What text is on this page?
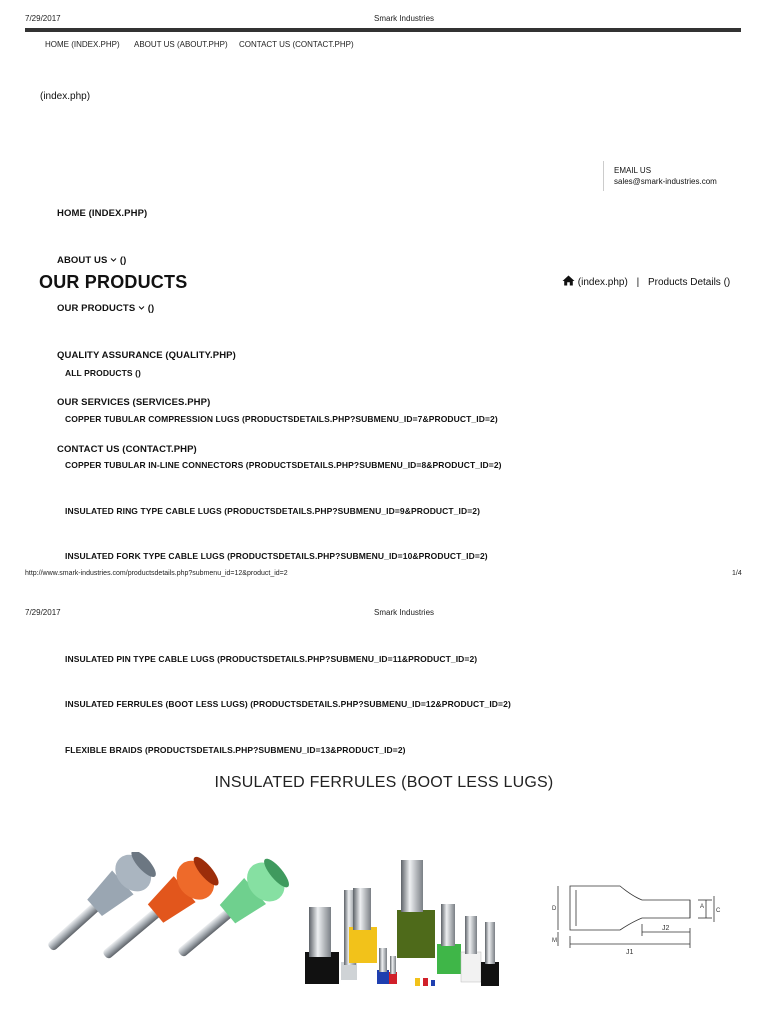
7/29/2017	Smark Industries
HOME (INDEX.PHP) ABOUT US (ABOUT.PHP) CONTACT US (CONTACT.PHP)
(index.php)
EMAIL US
sales@smark-industries.com
HOME (INDEX.PHP)
ABOUT US ()
OUR PRODUCTS	(index.php) | Products Details ()
OUR PRODUCTS ()
QUALITY ASSURANCE (QUALITY.PHP)
ALL PRODUCTS ()
OUR SERVICES (SERVICES.PHP)
COPPER TUBULAR COMPRESSION LUGS (PRODUCTSDETAILS.PHP?SUBMENU_ID=7&PRODUCT_ID=2)
CONTACT US (CONTACT.PHP)
COPPER TUBULAR IN-LINE CONNECTORS (PRODUCTSDETAILS.PHP?SUBMENU_ID=8&PRODUCT_ID=2)
INSULATED RING TYPE CABLE LUGS (PRODUCTSDETAILS.PHP?SUBMENU_ID=9&PRODUCT_ID=2)
INSULATED FORK TYPE CABLE LUGS (PRODUCTSDETAILS.PHP?SUBMENU_ID=10&PRODUCT_ID=2)
http://www.smark-industries.com/productsdetails.php?submenu_id=12&product_id=2	1/4
7/29/2017	Smark Industries
INSULATED PIN TYPE CABLE LUGS (PRODUCTSDETAILS.PHP?SUBMENU_ID=11&PRODUCT_ID=2)
INSULATED FERRULES (BOOT LESS LUGS) (PRODUCTSDETAILS.PHP?SUBMENU_ID=12&PRODUCT_ID=2)
FLEXIBLE BRAIDS (PRODUCTSDETAILS.PHP?SUBMENU_ID=13&PRODUCT_ID=2)
INSULATED FERRULES (BOOT LESS LUGS)
D
M
A
C
J1
J2
